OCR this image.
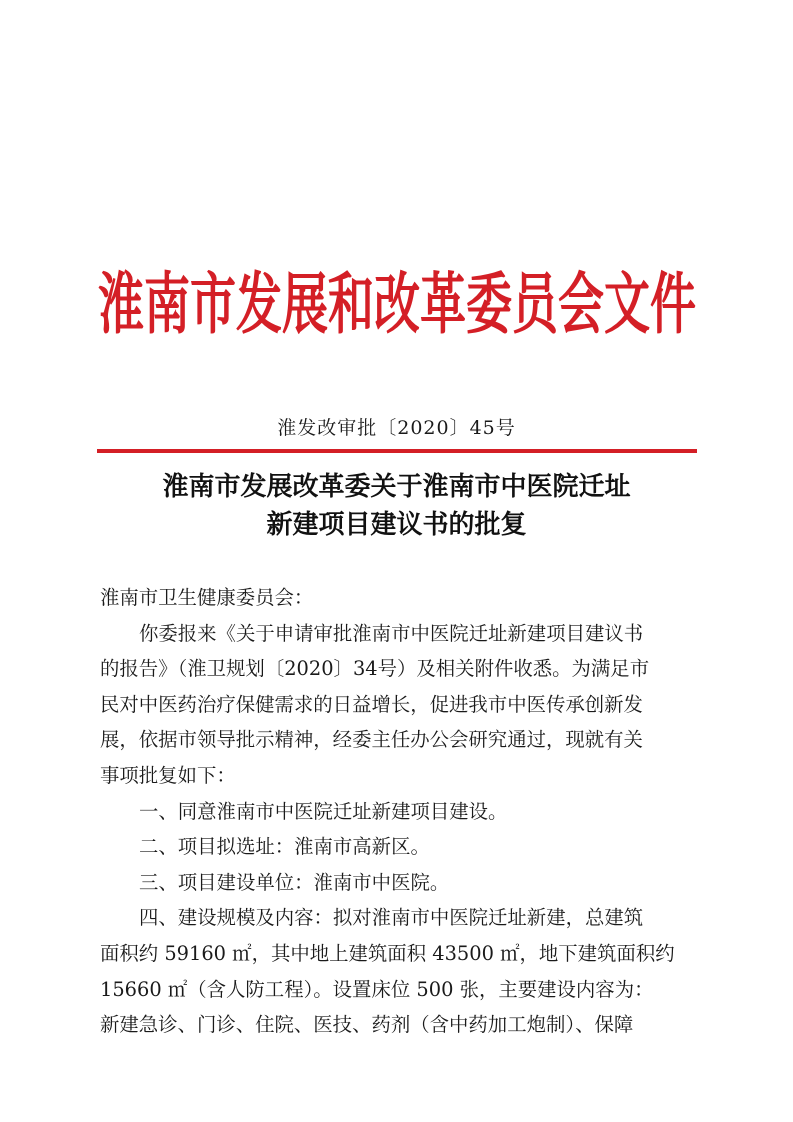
淮南市发展和改革委员会文件
淮发改审批〔2020〕45号
淮南市发展改革委关于淮南市中医院迁址
新建项目建议书的批复

淮南市卫生健康委员会：

你委报来《关于申请审批淮南市中医院迁址新建项目建议书

的报告》（淮卫规划〔2020〕34号）及相关附件收悉。为满足市

民对中医药治疗保健需求的日益增长，促进我市中医传承创新发

展，依据市领导批示精神，经委主任办公会研究通过，现就有关

事项批复如下：

一、同意淮南市中医院迁址新建项目建设。

二、项目拟选址：淮南市高新区。

三、项目建设单位：淮南市中医院。

四、建设规模及内容：拟对淮南市中医院迁址新建，总建筑

面积约 59160 ㎡，其中地上建筑面积 43500 ㎡，地下建筑面积约

15660 ㎡（含人防工程）。设置床位 500 张，主要建设内容为：

新建急诊、门诊、住院、医技、药剂（含中药加工炮制）、保障
